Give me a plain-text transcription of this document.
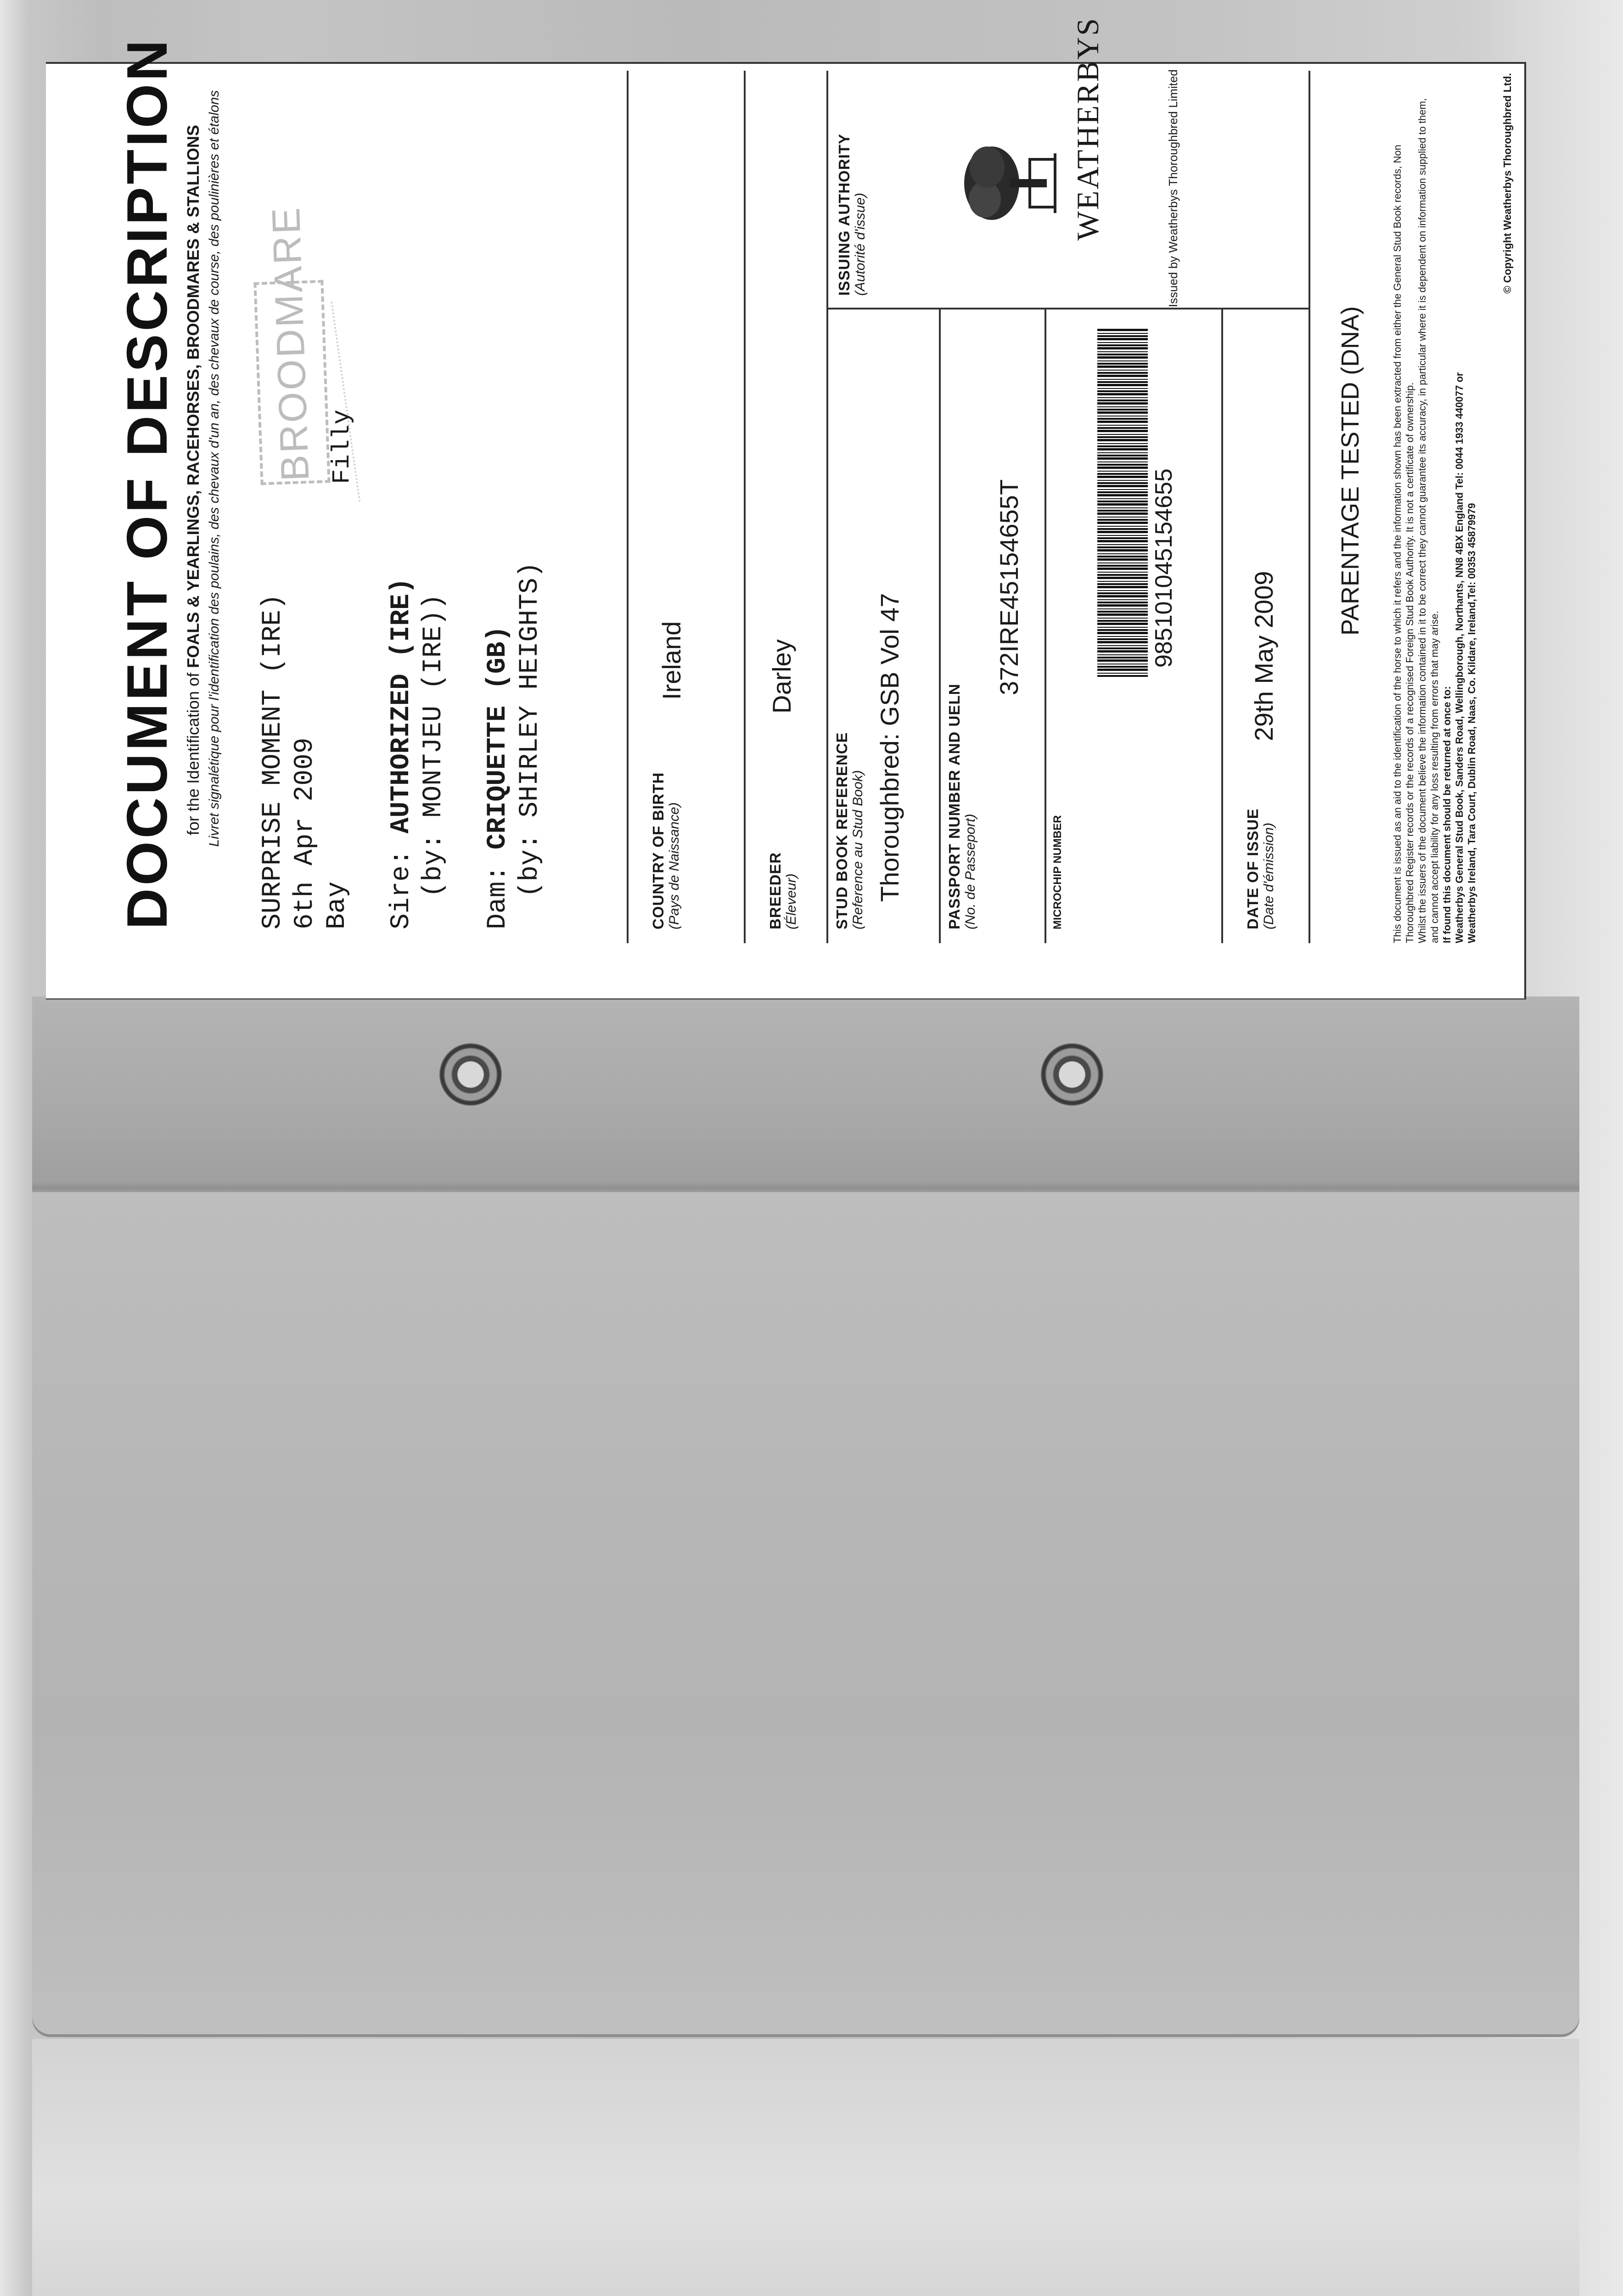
DOCUMENT OF DESCRIPTION for the Identification of FOALS & YEARLINGS, RACEHORSES, BROODMARES & STALLIONS Livret signalétique pour l'identification des poulains, des chevaux d'un an, des chevaux de course, des poulinières et étalons SURPRISE MOMENT (IRE)
6th Apr 2009
Bay Sire: AUTHORIZED (IRE)
(by: MONTJEU (IRE))

Dam: CRIQUETTE (GB)
(by: SHIRLEY HEIGHTS)
BROODMARE Filly
COUNTRY OF BIRTH (Pays de Naissance)
Ireland
BREEDER (Éleveur)
Darley
STUD BOOK REFERENCE (Reference au Stud Book) Thoroughbred: GSB Vol 47	PASSPORT NUMBER AND UELN (No. de Passeport)
372IRE45154655T
MICROCHIP NUMBER
985101045154655
DATE OF ISSUE (Date d'émission)
29th May 2009
ISSUING AUTHORITY (Autorité d'issue)
WEATHERBYS	Issued by Weatherbys Thoroughbred Limited
PARENTAGE TESTED (DNA)	This document is issued as an aid to the identification of the horse to which it refers and the information shown has been extracted from either the General Stud Book records, Non Thoroughbred Register records or the records of a recognised Foreign Stud Book Authority. It is not a certificate of ownership. Whilst the issuers of the document believe the information contained in it to be correct they cannot guarantee its accuracy, in particular where it is dependent on information supplied to them, and cannot accept liability for any loss resulting from errors that may arise. If found this document should be returned at once to: Weatherbys General Stud Book, Sanders Road, Wellingborough, Northants, NN8 4BX England Tel: 0044 1933 440077 or Weatherbys Ireland, Tara Court, Dublin Road, Naas, Co. Kildare, Ireland,Tel: 00353 45879979

© Copyright Weatherbys Thoroughbred Ltd.
